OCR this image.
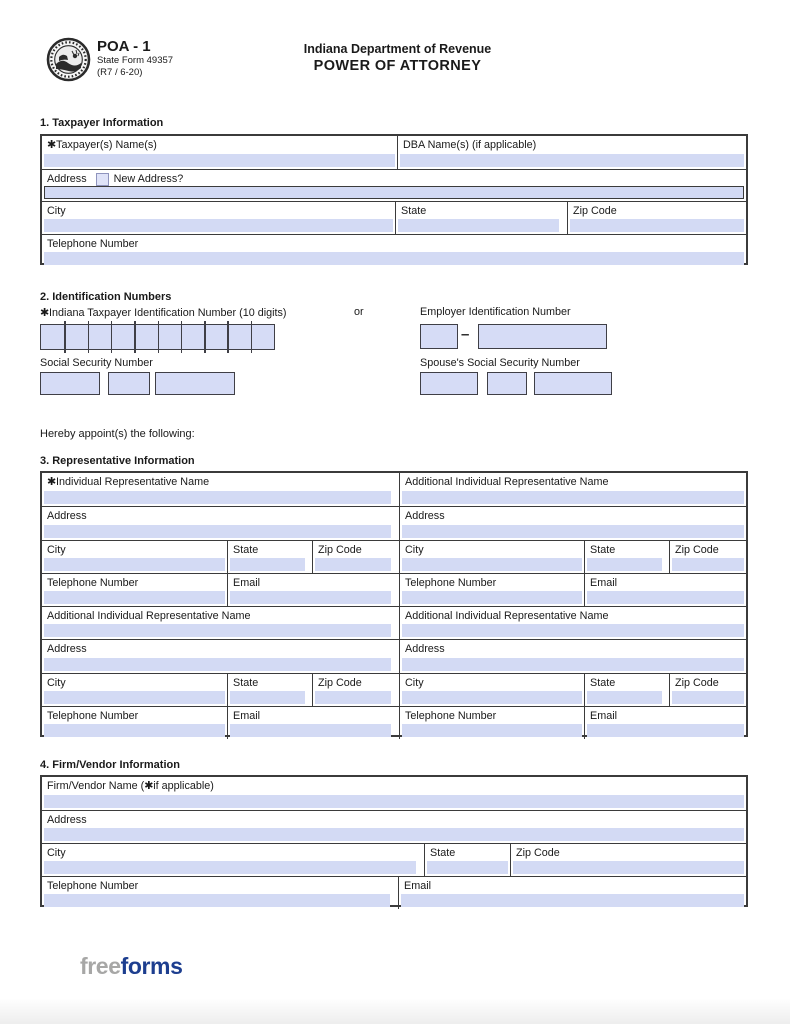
POA - 1
State Form 49357
(R7 / 6-20)
Indiana Department of Revenue
POWER OF ATTORNEY
1. Taxpayer Information
✱Taxpayer(s) Name(s)	DBA Name(s) (if applicable)
Address	New Address?
City	State	Zip Code
Telephone Number
2. Identification Numbers
✱Indiana Taxpayer Identification Number (10 digits)	or	Employer Identification Number
–
Social Security Number	Spouse's Social Security Number
Hereby appoint(s) the following:
3. Representative Information
✱Individual Representative Name	Additional Individual Representative Name
Address	Address
City	State	Zip Code	City	State	Zip Code
Telephone Number	Email	Telephone Number	Email
Additional Individual Representative Name	Additional Individual Representative Name
Address	Address
City	State	Zip Code	City	State	Zip Code
Telephone Number	Email	Telephone Number	Email
4. Firm/Vendor Information
Firm/Vendor Name (✱if applicable)
Address
City	State	Zip Code
Telephone Number	Email
freeforms
